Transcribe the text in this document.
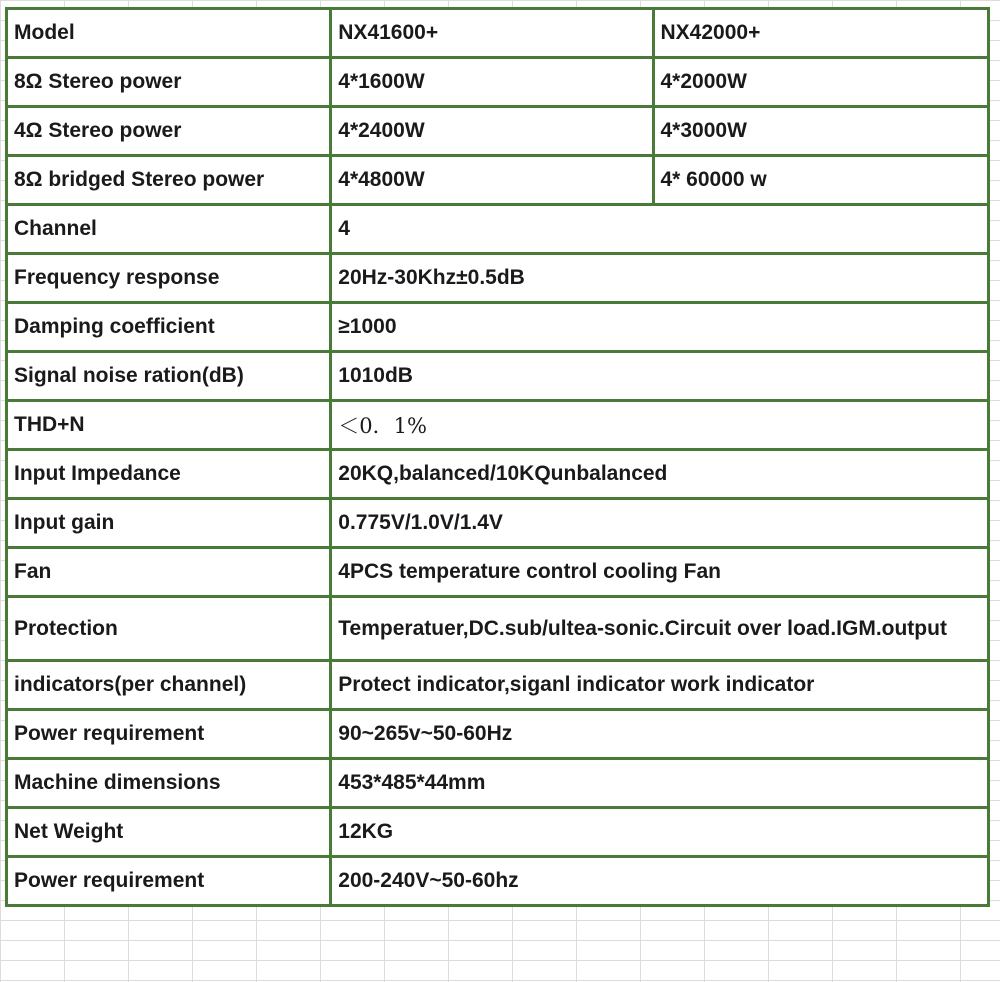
Model	NX41600+	NX42000+
8Ω Stereo power	4*1600W	4*2000W
4Ω Stereo power	4*2400W	4*3000W
8Ω bridged Stereo power	4*4800W	4* 60000 w
Channel	4	
Frequency response	20Hz-30Khz±0.5dB	
Damping coefficient	≥1000	
Signal noise ration(dB)	1010dB	
THD+N	＜0．1%	
Input Impedance	20KQ,balanced/10KQunbalanced	
Input gain	0.775V/1.0V/1.4V	
Fan	4PCS temperature control cooling Fan	
Protection	Temperatuer,DC.sub/ultea-sonic.Circuit over load.IGM.output	
indicators(per channel)	Protect indicator,siganl indicator work indicator	
Power requirement	90~265v~50-60Hz	
Machine dimensions	453*485*44mm	
Net Weight	12KG	
Power requirement	200-240V~50-60hz	
